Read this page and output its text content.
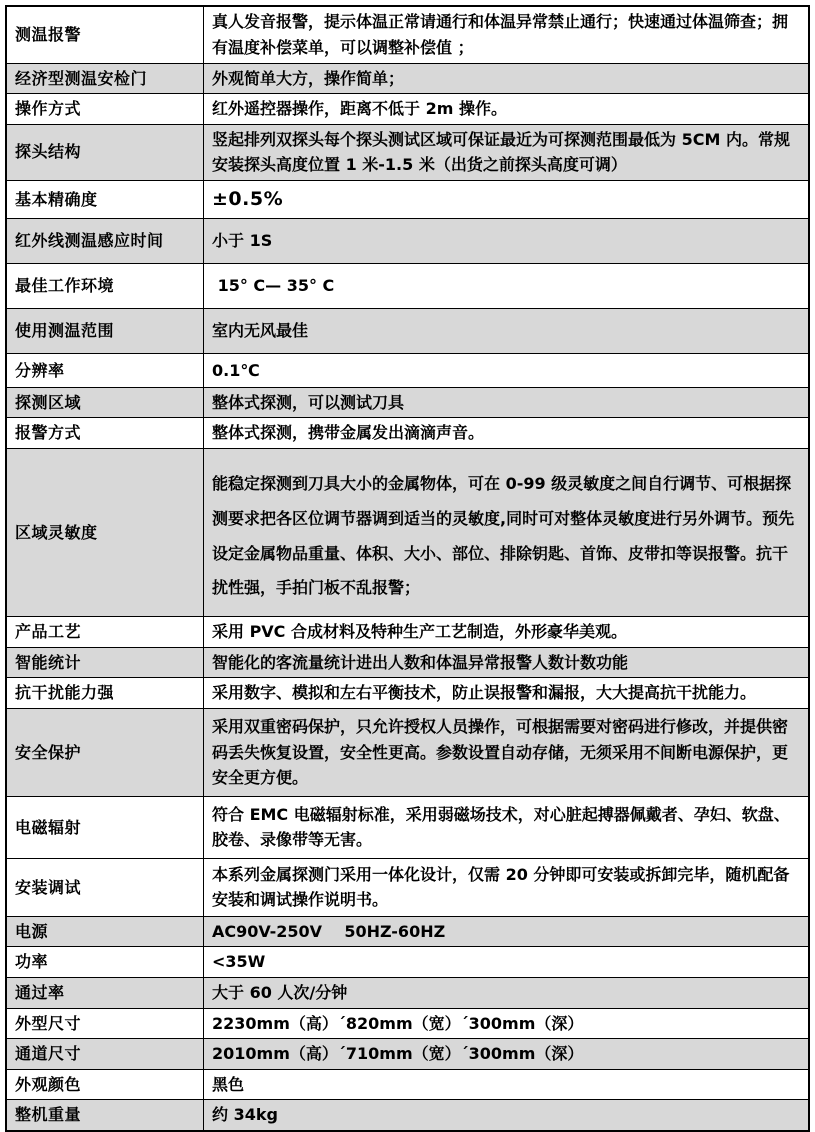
测温报警	真人发音报警，提示体温正常请通行和体温异常禁止通行；快速通过体温筛查；拥有温度补偿菜单，可以调整补偿值 ；
经济型测温安检门	外观简单大方，操作简单；
操作方式	红外遥控器操作，距离不低于 2m 操作。
探头结构	竖起排列双探头每个探头测试区域可保证最近为可探测范围最低为 5CM 内。常规安装探头高度位置 1 米-1.5 米（出货之前探头高度可调）
基本精确度	±0.5%
红外线测温感应时间	小于 1S
最佳工作环境	15° C— 35° C
使用测温范围	室内无风最佳
分辨率	0.1℃
探测区域	整体式探测，可以测试刀具
报警方式	整体式探测，携带金属发出滴滴声音。
区域灵敏度	能稳定探测到刀具大小的金属物体，可在 0-99 级灵敏度之间自行调节、可根据探测要求把各区位调节器调到适当的灵敏度,同时可对整体灵敏度进行另外调节。预先设定金属物品重量、体积、大小、部位、排除钥匙、首饰、皮带扣等误报警。抗干扰性强，手拍门板不乱报警；
产品工艺	采用 PVC 合成材料及特种生产工艺制造，外形豪华美观。
智能统计	智能化的客流量统计进出人数和体温异常报警人数计数功能
抗干扰能力强	采用数字、模拟和左右平衡技术，防止误报警和漏报，大大提高抗干扰能力。
安全保护	采用双重密码保护，只允许授权人员操作，可根据需要对密码进行修改，并提供密码丢失恢复设置，安全性更高。参数设置自动存储，无须采用不间断电源保护，更安全更方便。
电磁辐射	符合 EMC 电磁辐射标准，采用弱磁场技术，对心脏起搏器佩戴者、孕妇、软盘、胶卷、录像带等无害。
安装调试	本系列金属探测门采用一体化设计，仅需 20 分钟即可安装或拆卸完毕，随机配备安装和调试操作说明书。
电源	AC90V-250V    50HZ-60HZ
功率	<35W
通过率	大于 60 人次/分钟
外型尺寸	2230mm（高）´820mm（宽）´300mm（深）
通道尺寸	2010mm（高）´710mm（宽）´300mm（深）
外观颜色	黑色
整机重量	约 34kg
